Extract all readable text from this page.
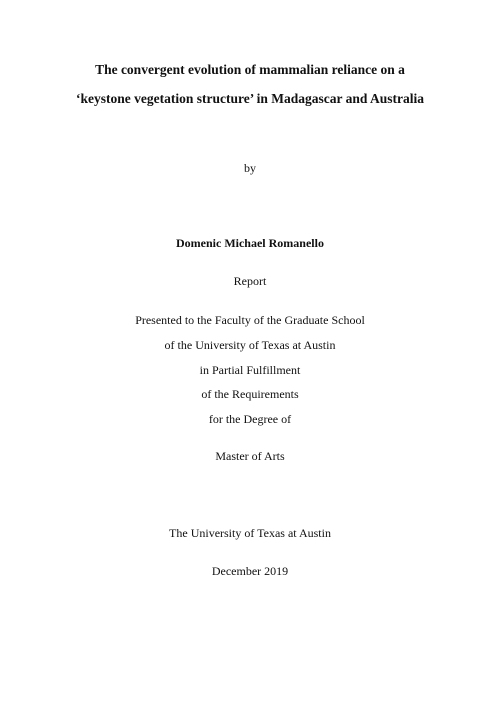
The convergent evolution of mammalian reliance on a
‘keystone vegetation structure’ in Madagascar and Australia
by
Domenic Michael Romanello
Report
Presented to the Faculty of the Graduate School
of the University of Texas at Austin
in Partial Fulfillment
of the Requirements
for the Degree of
Master of Arts
The University of Texas at Austin
December 2019
